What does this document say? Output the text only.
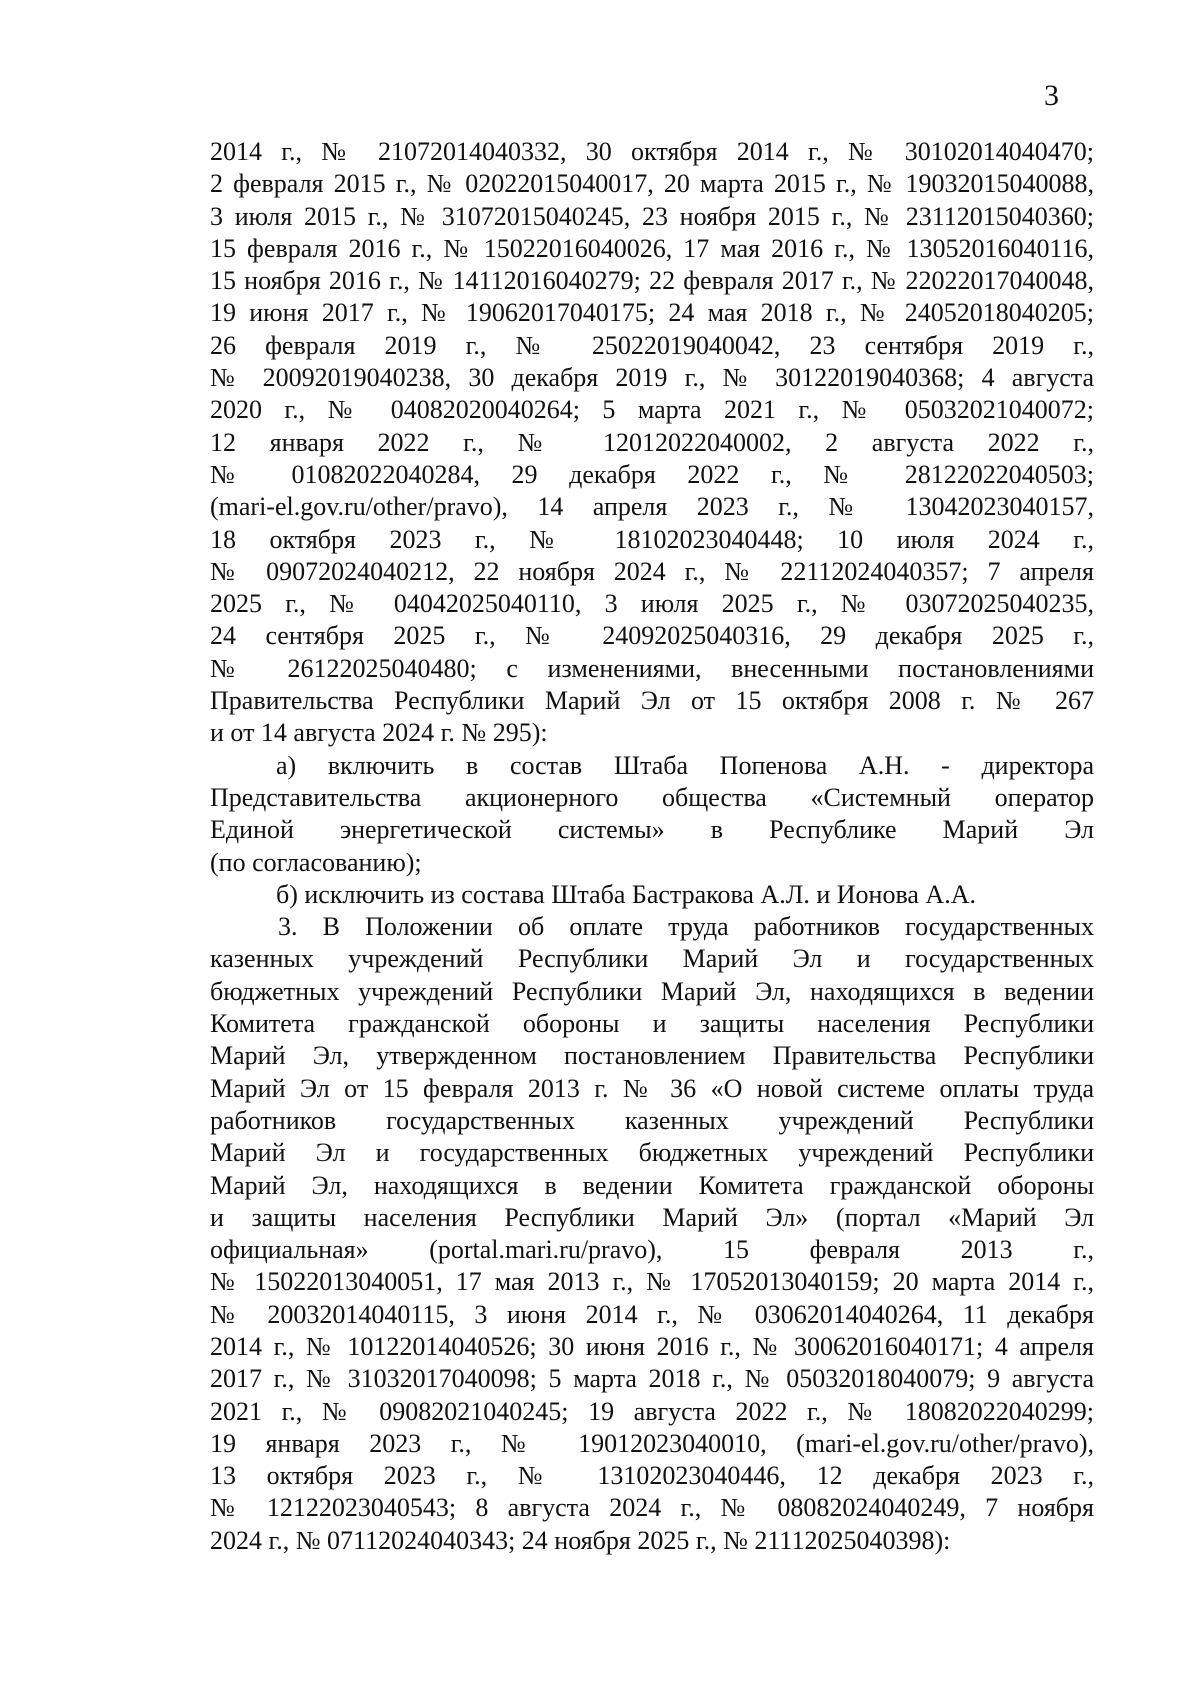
3
2014 г., № 21072014040332, 30 октября 2014 г., № 30102014040470;
2 февраля 2015 г., № 02022015040017, 20 марта 2015 г., № 19032015040088,
3 июля 2015 г., № 31072015040245, 23 ноября 2015 г., № 23112015040360;
15 февраля 2016 г., № 15022016040026, 17 мая 2016 г., № 13052016040116,
15 ноября 2016 г., № 14112016040279; 22 февраля 2017 г., № 22022017040048,
19 июня 2017 г., № 19062017040175; 24 мая 2018 г., № 24052018040205;
26 февраля 2019 г., № 25022019040042, 23 сентября 2019 г.,
№ 20092019040238, 30 декабря 2019 г., № 30122019040368; 4 августа
2020 г., № 04082020040264; 5 марта 2021 г., № 05032021040072;
12 января 2022 г., № 12012022040002, 2 августа 2022 г.,
№ 01082022040284, 29 декабря 2022 г., № 28122022040503;
(mari-el.gov.ru/other/pravo), 14 апреля 2023 г., № 13042023040157,
18 октября 2023 г., № 18102023040448; 10 июля 2024 г.,
№ 09072024040212, 22 ноября 2024 г., № 22112024040357; 7 апреля
2025 г., № 04042025040110, 3 июля 2025 г., № 03072025040235,
24 сентября 2025 г., № 24092025040316, 29 декабря 2025 г.,
№ 26122025040480; с изменениями, внесенными постановлениями
Правительства Республики Марий Эл от 15 октября 2008 г. № 267
и от 14 августа 2024 г. № 295):
а) включить в состав Штаба Попенова А.Н. - директора
Представительства акционерного общества «Системный оператор
Единой энергетической системы» в Республике Марий Эл
(по согласованию);
б) исключить из состава Штаба Бастракова А.Л. и Ионова А.А.
3. В Положении об оплате труда работников государственных
казенных учреждений Республики Марий Эл и государственных
бюджетных учреждений Республики Марий Эл, находящихся в ведении
Комитета гражданской обороны и защиты населения Республики
Марий Эл, утвержденном постановлением Правительства Республики
Марий Эл от 15 февраля 2013 г. № 36 «О новой системе оплаты труда
работников государственных казенных учреждений Республики
Марий Эл и государственных бюджетных учреждений Республики
Марий Эл, находящихся в ведении Комитета гражданской обороны
и защиты населения Республики Марий Эл» (портал «Марий Эл
официальная» (portal.mari.ru/pravo), 15 февраля 2013 г.,
№ 15022013040051, 17 мая 2013 г., № 17052013040159; 20 марта 2014 г.,
№ 20032014040115, 3 июня 2014 г., № 03062014040264, 11 декабря
2014 г., № 10122014040526; 30 июня 2016 г., № 30062016040171; 4 апреля
2017 г., № 31032017040098; 5 марта 2018 г., № 05032018040079; 9 августа
2021 г., № 09082021040245; 19 августа 2022 г., № 18082022040299;
19 января 2023 г., № 19012023040010, (mari-el.gov.ru/other/pravo),
13 октября 2023 г., № 13102023040446, 12 декабря 2023 г.,
№ 12122023040543; 8 августа 2024 г., № 08082024040249, 7 ноября
2024 г., № 07112024040343; 24 ноября 2025 г., № 21112025040398):
